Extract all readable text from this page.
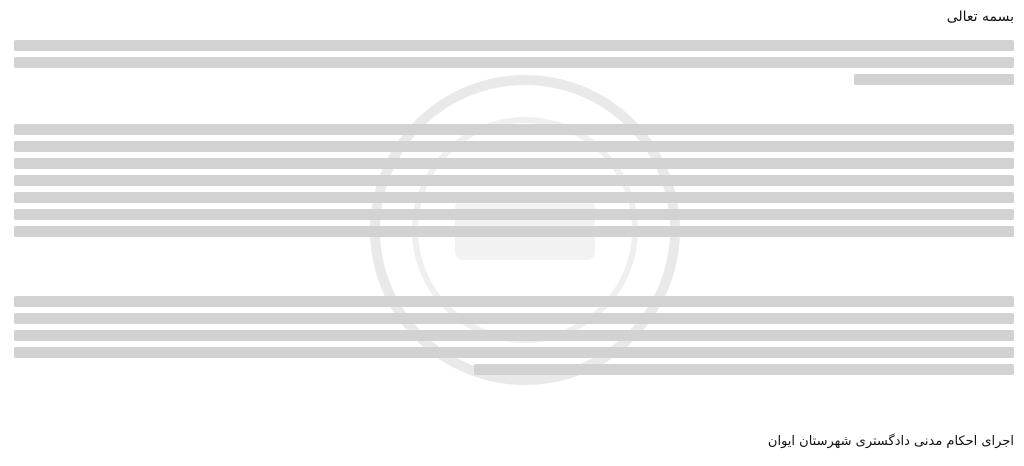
بسمه تعالی
اجرای احکام مدنی دادگستری شهرستان ایوان
